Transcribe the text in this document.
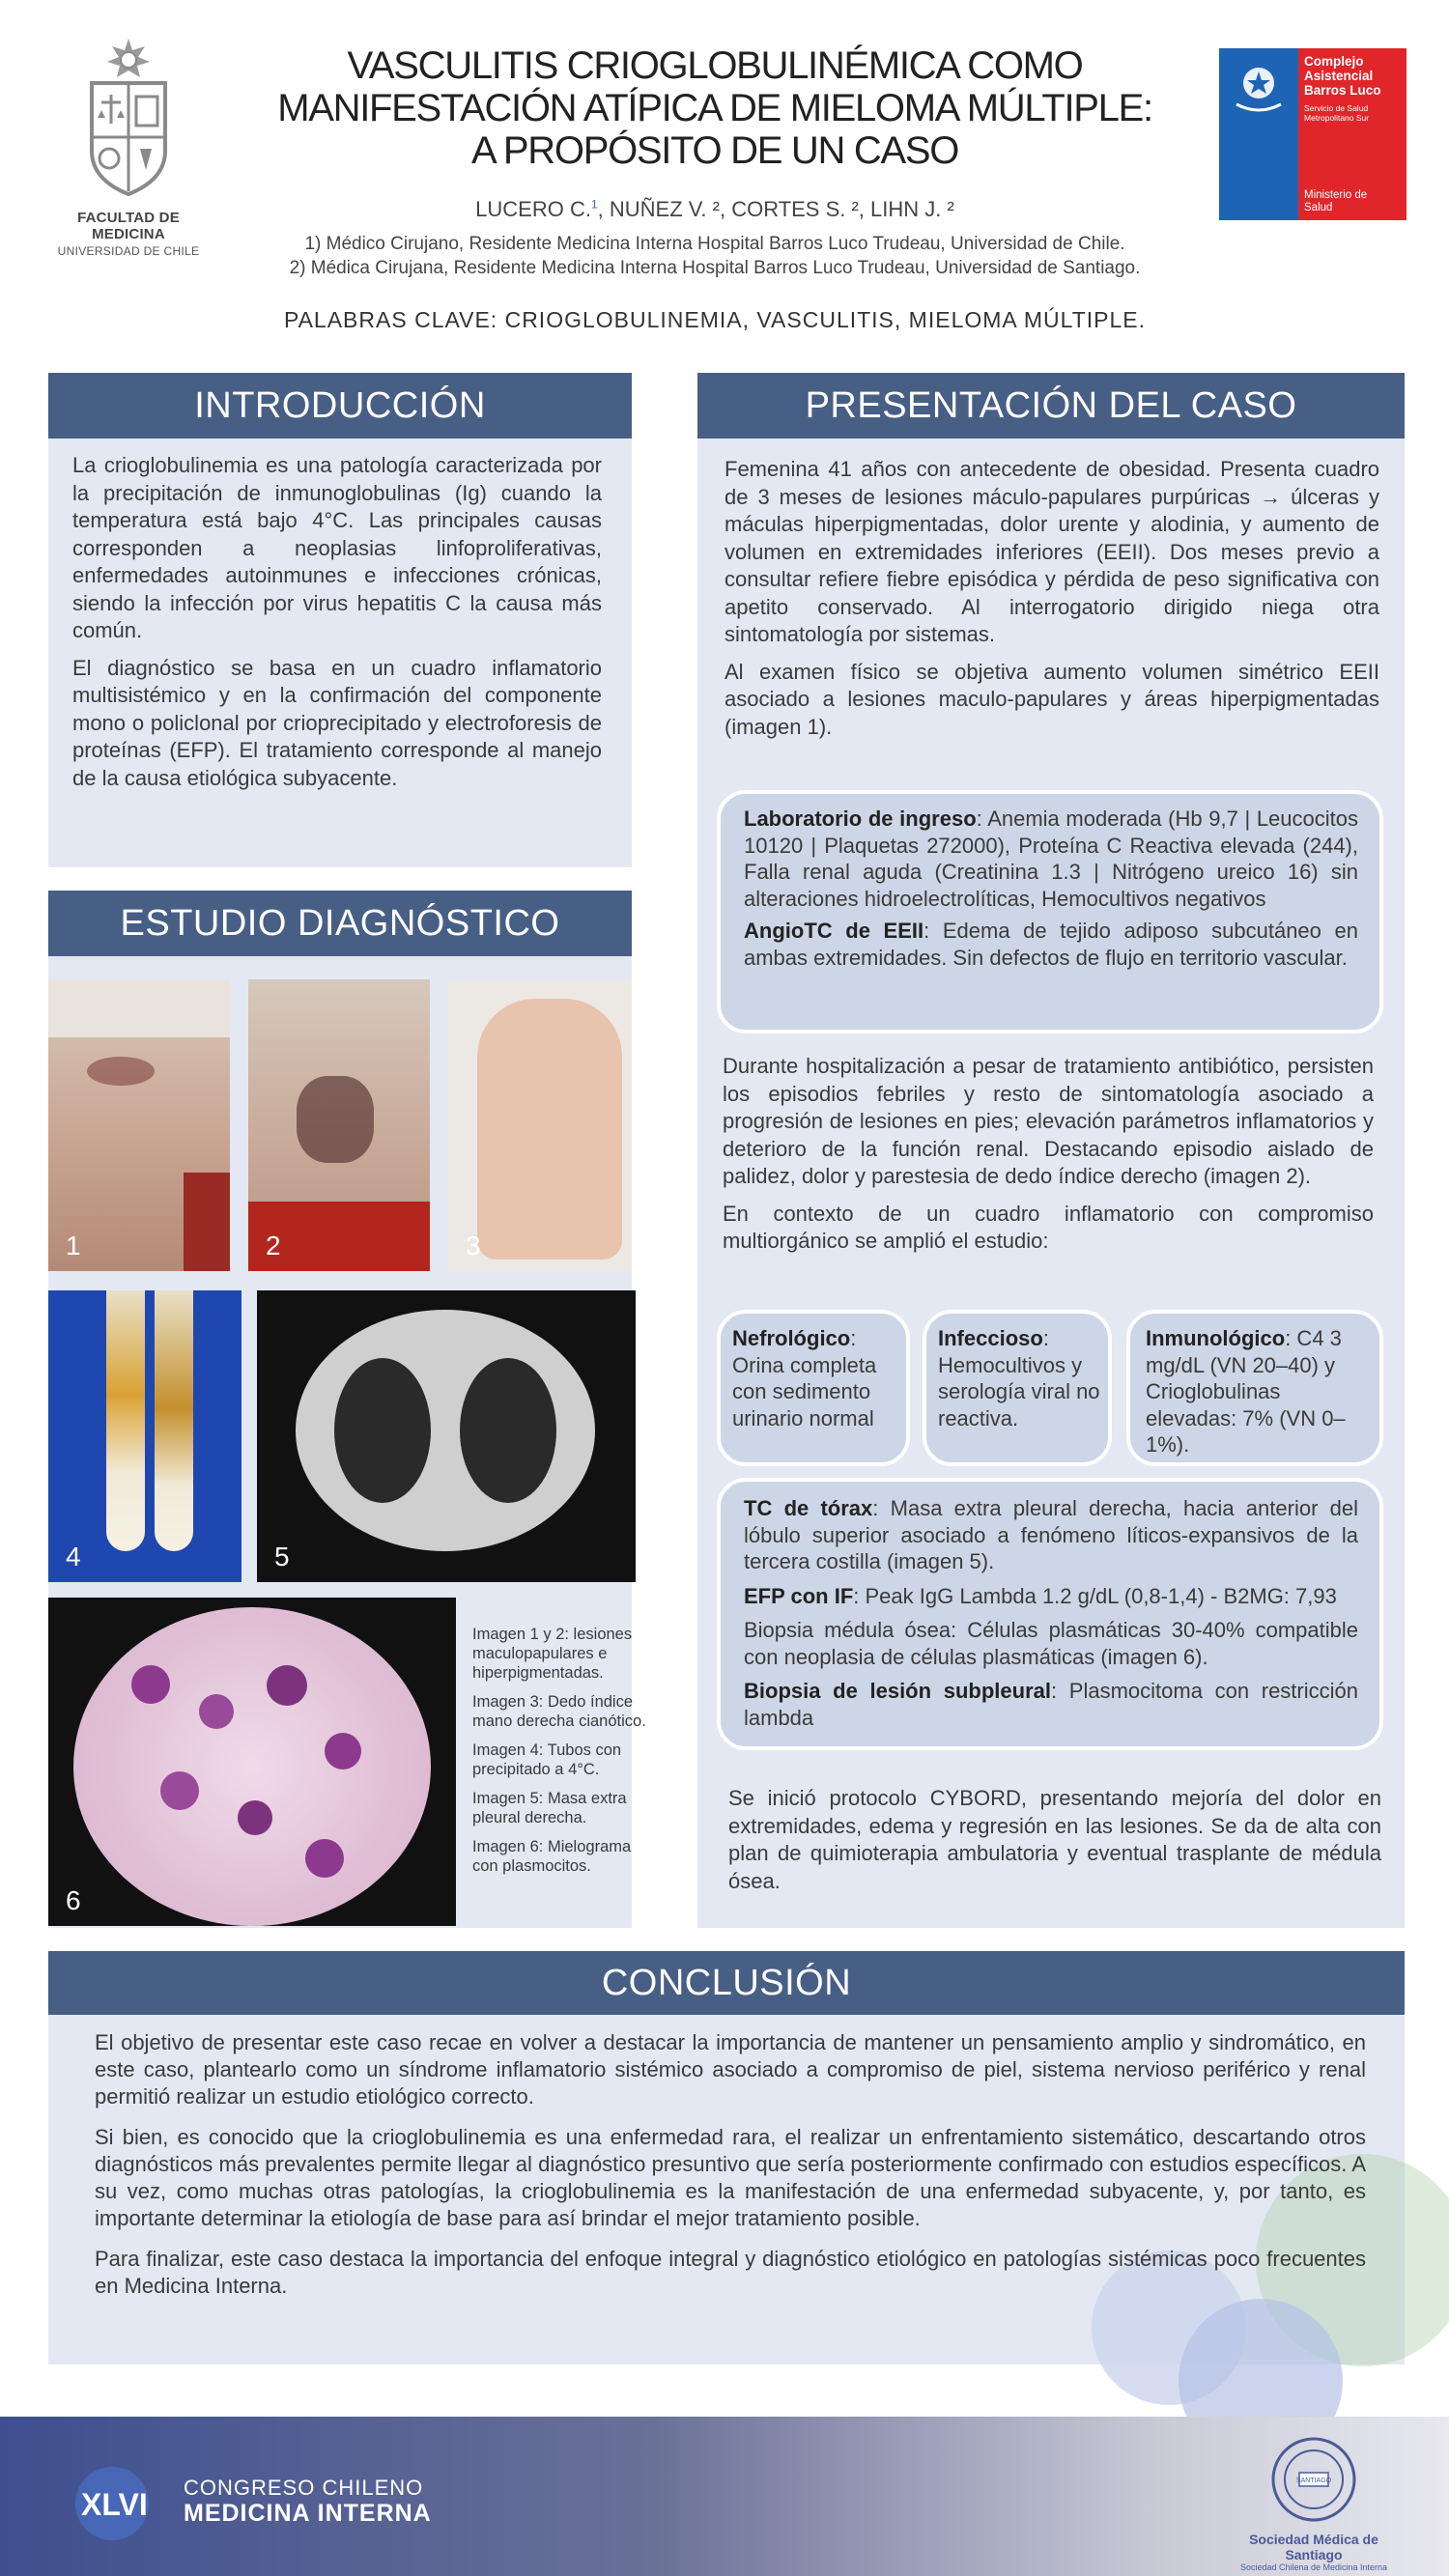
FACULTAD DE MEDICINA
UNIVERSIDAD DE CHILE
VASCULITIS CRIOGLOBULINÉMICA COMO
MANIFESTACIÓN ATÍPICA DE MIELOMA MÚLTIPLE:
A PROPÓSITO DE UN CASO
LUCERO C.$^1$, NUÑEZ V. ², CORTES S. ², LIHN J. ²
1) Médico Cirujano, Residente Medicina Interna Hospital Barros Luco Trudeau, Universidad de Chile.
2) Médica Cirujana, Residente Medicina Interna Hospital Barros Luco Trudeau, Universidad de Santiago.
PALABRAS CLAVE: CRIOGLOBULINEMIA, VASCULITIS, MIELOMA MÚLTIPLE.
Complejo
Asistencial
Barros Luco
Servicio de Salud
Metropolitano Sur
Ministerio de
Salud
INTRODUCCIÓN

La crioglobulinemia es una patología caracterizada por la precipitación de inmunoglobulinas (Ig) cuando la temperatura está bajo 4°C. Las principales causas corresponden a neoplasias linfoproliferativas, enfermedades autoinmunes e infecciones crónicas, siendo la infección por virus hepatitis C la causa más común.

El diagnóstico se basa en un cuadro inflamatorio multisistémico y en la confirmación del componente mono o policlonal por crioprecipitado y electroforesis de proteínas (EFP). El tratamiento corresponde al manejo de la causa etiológica subyacente.

ESTUDIO DIAGNÓSTICO
1	2	3
4	5
6

Imagen 1 y 2: lesiones maculopapulares e hiperpigmentadas.

Imagen 3: Dedo índice mano derecha cianótico.

Imagen 4: Tubos con precipitado a 4°C.

Imagen 5: Masa extra pleural derecha.

Imagen 6: Mielograma con plasmocitos.

PRESENTACIÓN DEL CASO

Femenina 41 años con antecedente de obesidad. Presenta cuadro de 3 meses de lesiones máculo-papulares purpúricas → úlceras y máculas hiperpigmentadas, dolor urente y alodinia, y aumento de volumen en extremidades inferiores (EEII). Dos meses previo a consultar refiere fiebre episódica y pérdida de peso significativa con apetito conservado. Al interrogatorio dirigido niega otra sintomatología por sistemas.

Al examen físico se objetiva aumento volumen simétrico EEII asociado a lesiones maculo-papulares y áreas hiperpigmentadas (imagen 1).

Laboratorio de ingreso: Anemia moderada (Hb 9,7 | Leucocitos 10120 | Plaquetas 272000), Proteína C Reactiva elevada (244), Falla renal aguda (Creatinina 1.3 | Nitrógeno ureico 16) sin alteraciones hidroelectrolíticas, Hemocultivos negativos

AngioTC de EEII: Edema de tejido adiposo subcutáneo en ambas extremidades. Sin defectos de flujo en territorio vascular.

Durante hospitalización a pesar de tratamiento antibiótico, persisten los episodios febriles y resto de sintomatología asociado a progresión de lesiones en pies; elevación parámetros inflamatorios y deterioro de la función renal. Destacando episodio aislado de palidez, dolor y parestesia de dedo índice derecho (imagen 2).

En contexto de un cuadro inflamatorio con compromiso multiorgánico se amplió el estudio:

Nefrológico: Orina completa con sedimento urinario normal
Infeccioso: Hemocultivos y serología viral no reactiva.
Inmunológico: C4 3 mg/dL (VN 20–40) y Crioglobulinas elevadas: 7% (VN 0–1%).

TC de tórax: Masa extra pleural derecha, hacia anterior del lóbulo superior asociado a fenómeno líticos-expansivos de la tercera costilla (imagen 5).

EFP con IF: Peak IgG Lambda 1.2 g/dL (0,8-1,4) - B2MG: 7,93

Biopsia médula ósea: Células plasmáticas 30-40% compatible con neoplasia de células plasmáticas (imagen 6).

Biopsia de lesión subpleural: Plasmocitoma con restricción lambda

Se inició protocolo CYBORD, presentando mejoría del dolor en extremidades, edema y regresión en las lesiones. Se da de alta con plan de quimioterapia ambulatoria y eventual trasplante de médula ósea.

CONCLUSIÓN

El objetivo de presentar este caso recae en volver a destacar la importancia de mantener un pensamiento amplio y sindromático, en este caso, plantearlo como un síndrome inflamatorio sistémico asociado a compromiso de piel, sistema nervioso periférico y renal permitió realizar un estudio etiológico correcto.

Si bien, es conocido que la crioglobulinemia es una enfermedad rara, el realizar un enfrentamiento sistemático, descartando otros diagnósticos más prevalentes permite llegar al diagnóstico presuntivo que sería posteriormente confirmado con estudios específicos. A su vez, como muchas otras patologías, la crioglobulinemia es la manifestación de una enfermedad subyacente, y, por tanto, es importante determinar la etiología de base para así brindar el mejor tratamiento posible.

Para finalizar, este caso destaca la importancia del enfoque integral y diagnóstico etiológico en patologías sistémicas poco frecuentes en Medicina Interna.

XLVI CONGRESO CHILENO
MEDICINA INTERNA
SANTIAGO
Sociedad Médica de Santiago
Sociedad Chilena de Medicina Interna
